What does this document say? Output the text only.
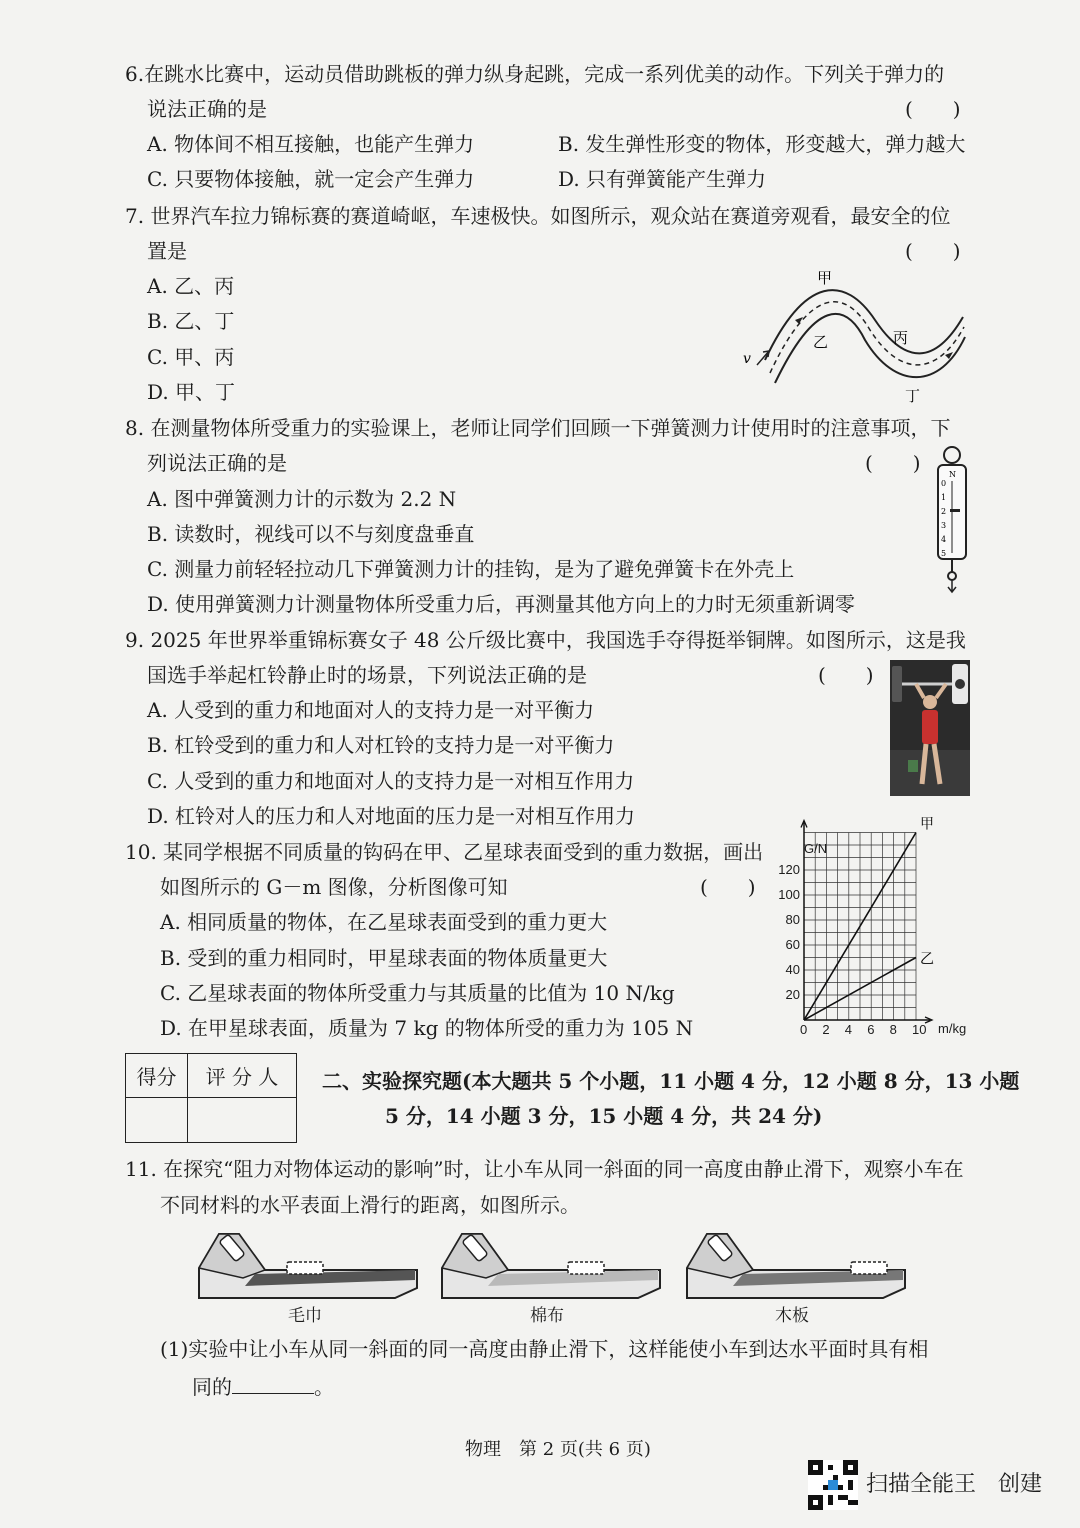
6.在跳水比赛中，运动员借助跳板的弹力纵身起跳，完成一系列优美的动作。下列关于弹力的
说法正确的是	(　　)
A. 物体间不相互接触，也能产生弹力	B. 发生弹性形变的物体，形变越大，弹力越大
C. 只要物体接触，就一定会产生弹力	D. 只有弹簧能产生弹力
7. 世界汽车拉力锦标赛的赛道崎岖，车速极快。如图所示，观众站在赛道旁观看，最安全的位
置是	(　　)
A. 乙、丙
B. 乙、丁
C. 甲、丙
D. 甲、丁
甲
乙	丙
丁
v
8. 在测量物体所受重力的实验课上，老师让同学们回顾一下弹簧测力计使用时的注意事项，下
列说法正确的是	(　　)
A. 图中弹簧测力计的示数为 2.2 N
B. 读数时，视线可以不与刻度盘垂直
C. 测量力前轻轻拉动几下弹簧测力计的挂钩，是为了避免弹簧卡在外壳上
D. 使用弹簧测力计测量物体所受重力后，再测量其他方向上的力时无须重新调零
N
0
1
2
3
4
5
9. 2025 年世界举重锦标赛女子 48 公斤级比赛中，我国选手夺得挺举铜牌。如图所示，这是我
国选手举起杠铃静止时的场景，下列说法正确的是	(　　)
A. 人受到的重力和地面对人的支持力是一对平衡力
B. 杠铃受到的重力和人对杠铃的支持力是一对平衡力
C. 人受到的重力和地面对人的支持力是一对相互作用力
D. 杠铃对人的压力和人对地面的压力是一对相互作用力
10. 某同学根据不同质量的钩码在甲、乙星球表面受到的重力数据，画出
如图所示的 G－m 图像，分析图像可知	(　　)
A. 相同质量的物体，在乙星球表面受到的重力更大
B. 受到的重力相同时，甲星球表面的物体质量更大
C. 乙星球表面的物体所受重力与其质量的比值为 10 N/kg
D. 在甲星球表面，质量为 7 kg 的物体所受的重力为 105 N	0 2 4 6 8 10
20
40
60
80
100
120
甲
乙
G/N
m/kg
得分	评 分 人
	二、实验探究题(本大题共 5 个小题，11 小题 4 分，12 小题 8 分，13 小题
5 分，14 小题 3 分，15 小题 4 分，共 24 分)
11. 在探究“阻力对物体运动的影响”时，让小车从同一斜面的同一高度由静止滑下，观察小车在
不同材料的水平表面上滑行的距离，如图所示。
毛巾	棉布	木板
(1)实验中让小车从同一斜面的同一高度由静止滑下，这样能使小车到达水平面时具有相
同的	。
物理　第 2 页(共 6 页)
扫描全能王　创建
